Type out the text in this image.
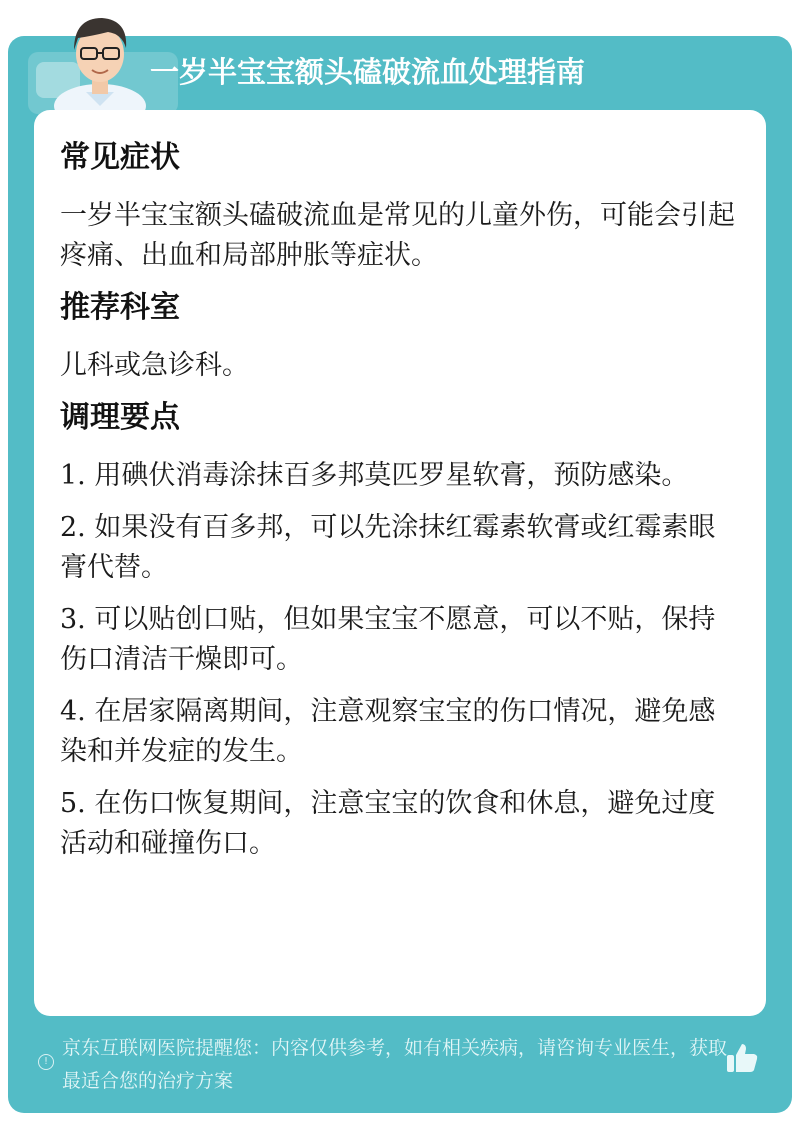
一岁半宝宝额头磕破流血处理指南
常见症状
一岁半宝宝额头磕破流血是常见的儿童外伤，可能会引起疼痛、出血和局部肿胀等症状。
推荐科室
儿科或急诊科。
调理要点
1. 用碘伏消毒涂抹百多邦莫匹罗星软膏，预防感染。
2. 如果没有百多邦，可以先涂抹红霉素软膏或红霉素眼膏代替。
3. 可以贴创口贴，但如果宝宝不愿意，可以不贴，保持伤口清洁干燥即可。
4. 在居家隔离期间，注意观察宝宝的伤口情况，避免感染和并发症的发生。
5. 在伤口恢复期间，注意宝宝的饮食和休息，避免过度活动和碰撞伤口。
!
京东互联网医院提醒您：内容仅供参考，如有相关疾病，请咨询专业医生，获取最适合您的治疗方案
